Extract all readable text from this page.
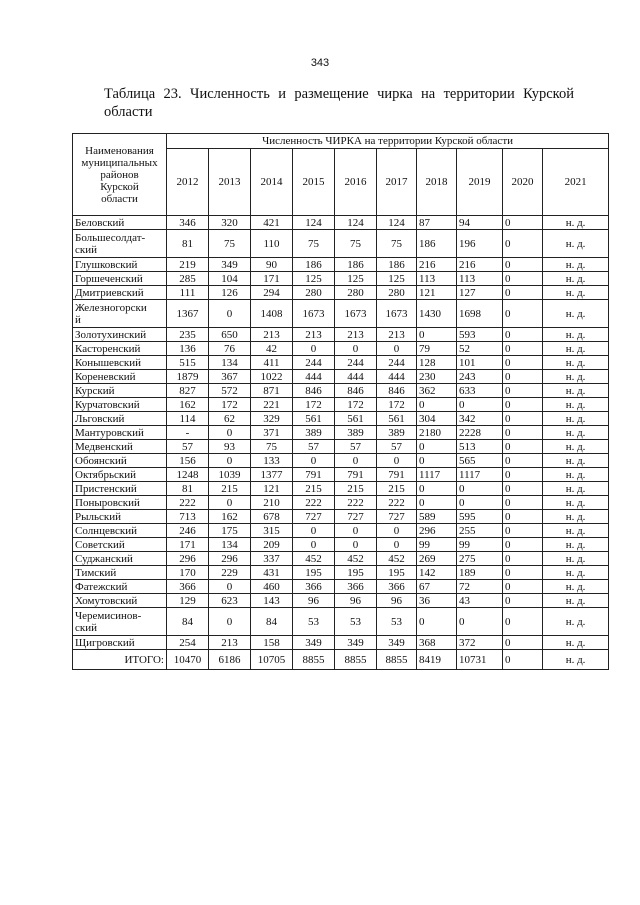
343
Таблица 23. Численность и размещение чирка на территории Курской
области
Наименования
муниципальных
районов
Курской
области	Численность ЧИРКА на территории Курской области									
	2012	2013	2014	2015	2016	2017	2018	2019	2020	2021

Беловский	346	320	421	124	124	124	87	94	0	н. д.

Большесолдат-
ский	81	75	110	75	75	75	186	196	0	н. д.

Глушковский	219	349	90	186	186	186	216	216	0	н. д.

Горшеченский	285	104	171	125	125	125	113	113	0	н. д.

Дмитриевский	111	126	294	280	280	280	121	127	0	н. д.

Железногорски
й	1367	0	1408	1673	1673	1673	1430	1698	0	н. д.

Золотухинский	235	650	213	213	213	213	0	593	0	н. д.

Касторенский	136	76	42	0	0	0	79	52	0	н. д.

Конышевский	515	134	411	244	244	244	128	101	0	н. д.

Кореневский	1879	367	1022	444	444	444	230	243	0	н. д.

Курский	827	572	871	846	846	846	362	633	0	н. д.

Курчатовский	162	172	221	172	172	172	0	0	0	н. д.

Льговский	114	62	329	561	561	561	304	342	0	н. д.

Мантуровский	-	0	371	389	389	389	2180	2228	0	н. д.

Медвенский	57	93	75	57	57	57	0	513	0	н. д.

Обоянский	156	0	133	0	0	0	0	565	0	н. д.

Октябрьский	1248	1039	1377	791	791	791	1117	1117	0	н. д.

Пристенский	81	215	121	215	215	215	0	0	0	н. д.

Поныровский	222	0	210	222	222	222	0	0	0	н. д.

Рыльский	713	162	678	727	727	727	589	595	0	н. д.

Солнцевский	246	175	315	0	0	0	296	255	0	н. д.

Советский	171	134	209	0	0	0	99	99	0	н. д.

Суджанский	296	296	337	452	452	452	269	275	0	н. д.

Тимский	170	229	431	195	195	195	142	189	0	н. д.

Фатежский	366	0	460	366	366	366	67	72	0	н. д.

Хомутовский	129	623	143	96	96	96	36	43	0	н. д.

Черемисинов-
ский	84	0	84	53	53	53	0	0	0	н. д.

Щигровский	254	213	158	349	349	349	368	372	0	н. д.
ИТОГО:	10470	6186	10705	8855	8855	8855	8419	10731	0	н. д.
